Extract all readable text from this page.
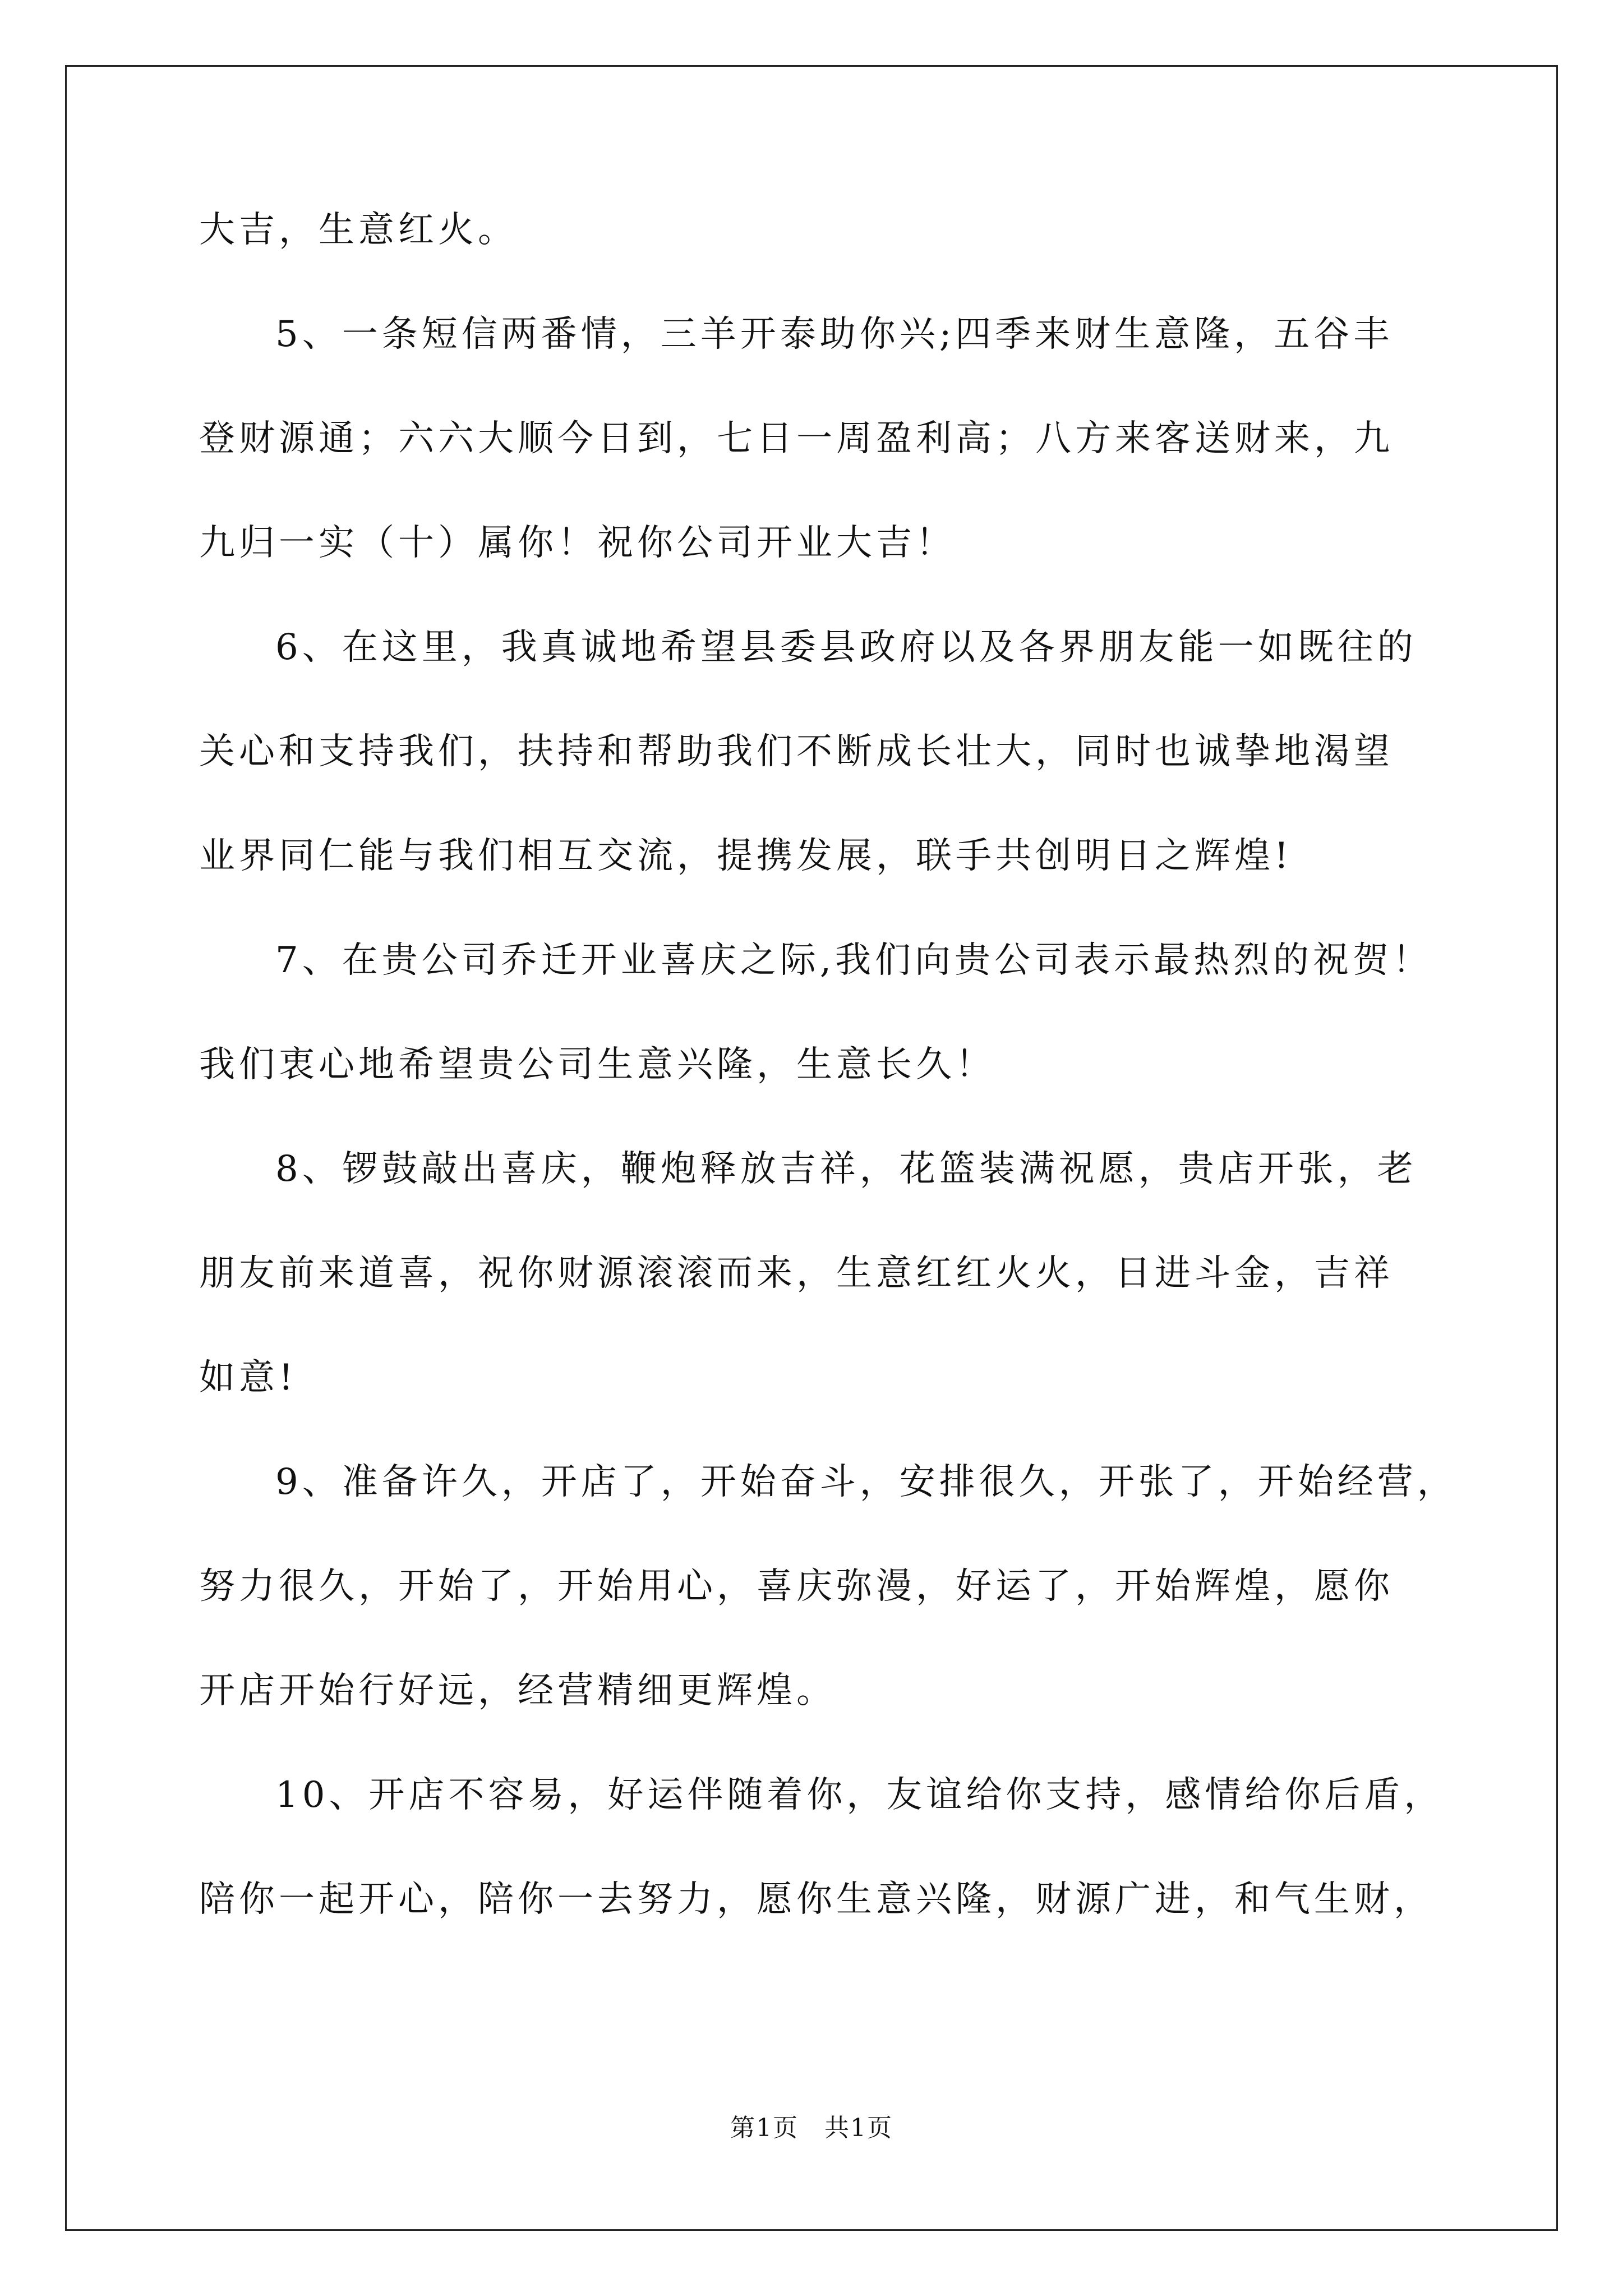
大吉，生意红火。
5、一条短信两番情，三羊开泰助你兴;四季来财生意隆，五谷丰
登财源通；六六大顺今日到，七日一周盈利高；八方来客送财来，九
九归一实（十）属你！祝你公司开业大吉！
6、在这里，我真诚地希望县委县政府以及各界朋友能一如既往的
关心和支持我们，扶持和帮助我们不断成长壮大，同时也诚挚地渴望
业界同仁能与我们相互交流，提携发展，联手共创明日之辉煌!
7、在贵公司乔迁开业喜庆之际,我们向贵公司表示最热烈的祝贺！
我们衷心地希望贵公司生意兴隆，生意长久！
8、锣鼓敲出喜庆，鞭炮释放吉祥，花篮装满祝愿，贵店开张，老
朋友前来道喜，祝你财源滚滚而来，生意红红火火，日进斗金，吉祥
如意!
9、准备许久，开店了，开始奋斗，安排很久，开张了，开始经营，
努力很久，开始了，开始用心，喜庆弥漫，好运了，开始辉煌，愿你
开店开始行好远，经营精细更辉煌。
10、开店不容易，好运伴随着你，友谊给你支持，感情给你后盾，
陪你一起开心，陪你一去努力，愿你生意兴隆，财源广进，和气生财，
第1页　共1页
